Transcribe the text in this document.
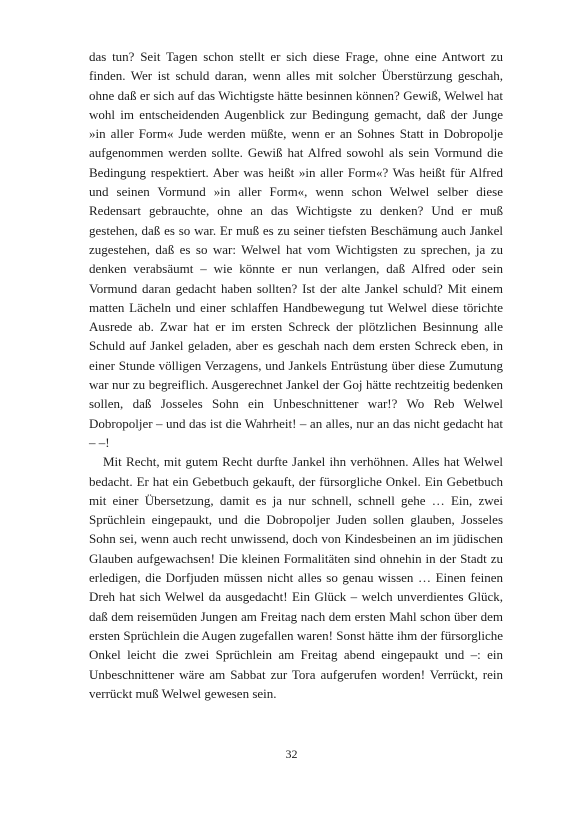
das tun? Seit Tagen schon stellt er sich diese Frage, ohne eine Antwort zu finden. Wer ist schuld daran, wenn alles mit solcher Überstürzung geschah, ohne daß er sich auf das Wichtigste hätte besinnen können? Gewiß, Welwel hat wohl im entscheidenden Augenblick zur Bedingung gemacht, daß der Junge »in aller Form« Jude werden müßte, wenn er an Sohnes Statt in Dobropolje aufgenommen werden sollte. Gewiß hat Alfred sowohl als sein Vormund die Bedingung respektiert. Aber was heißt »in aller Form«? Was heißt für Alfred und seinen Vormund »in aller Form«, wenn schon Welwel selber diese Redensart gebrauchte, ohne an das Wichtigste zu denken? Und er muß gestehen, daß es so war. Er muß es zu seiner tiefsten Beschämung auch Jankel zugestehen, daß es so war: Welwel hat vom Wichtigsten zu sprechen, ja zu denken verabsäumt – wie könnte er nun verlangen, daß Alfred oder sein Vormund daran gedacht haben sollten? Ist der alte Jankel schuld? Mit einem matten Lächeln und einer schlaffen Handbewegung tut Welwel diese törichte Ausrede ab. Zwar hat er im ersten Schreck der plötzlichen Besinnung alle Schuld auf Jankel geladen, aber es geschah nach dem ersten Schreck eben, in einer Stunde völligen Verzagens, und Jankels Entrüstung über diese Zumutung war nur zu begreiflich. Ausgerechnet Jankel der Goj hätte rechtzeitig bedenken sollen, daß Josseles Sohn ein Unbeschnittener war!? Wo Reb Welwel Dobropoljer – und das ist die Wahrheit! – an alles, nur an das nicht gedacht hat – –!

Mit Recht, mit gutem Recht durfte Jankel ihn verhöhnen. Alles hat Welwel bedacht. Er hat ein Gebetbuch gekauft, der fürsorgliche Onkel. Ein Gebetbuch mit einer Übersetzung, damit es ja nur schnell, schnell gehe … Ein, zwei Sprüchlein eingepaukt, und die Dobropoljer Juden sollen glauben, Josseles Sohn sei, wenn auch recht unwissend, doch von Kindesbeinen an im jüdischen Glauben aufgewachsen! Die kleinen Formalitäten sind ohnehin in der Stadt zu erledigen, die Dorfjuden müssen nicht alles so genau wissen … Einen feinen Dreh hat sich Welwel da ausgedacht! Ein Glück – welch unverdientes Glück, daß dem reisemüden Jungen am Freitag nach dem ersten Mahl schon über dem ersten Sprüchlein die Augen zugefallen waren! Sonst hätte ihm der fürsorgliche Onkel leicht die zwei Sprüchlein am Freitag abend eingepaukt und –: ein Unbeschnittener wäre am Sabbat zur Tora aufgerufen worden! Verrückt, rein verrückt muß Welwel gewesen sein.

32
